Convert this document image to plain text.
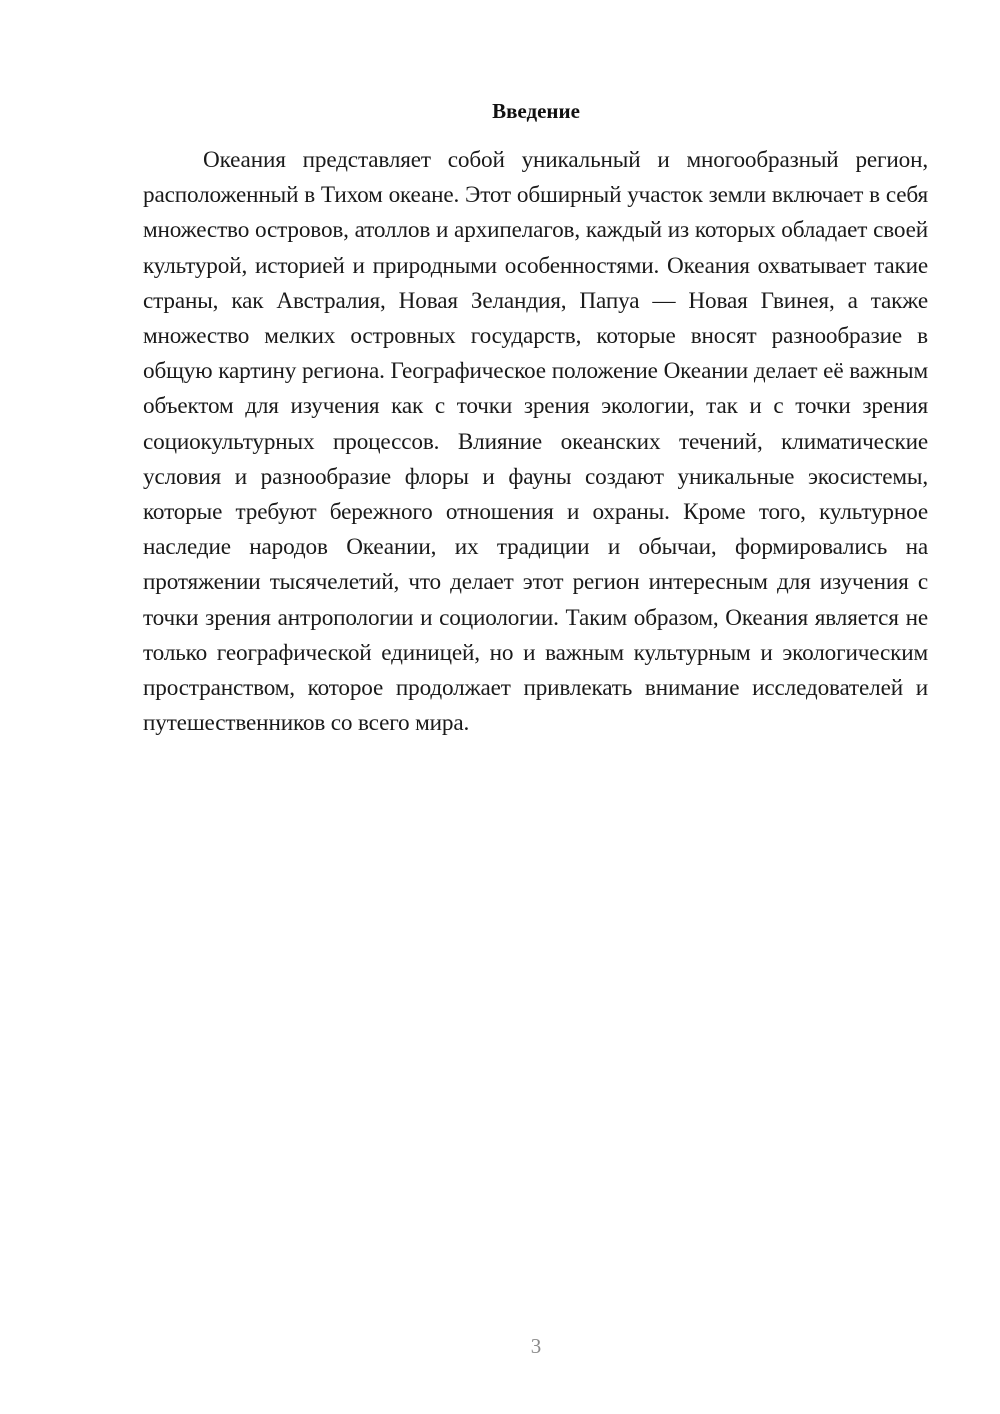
Введение

Океания представляет собой уникальный и многообразный регион, расположенный в Тихом океане. Этот обширный участок земли включает в себя множество островов, атоллов и архипелагов, каждый из которых обладает своей культурой, историей и природными особенностями. Океания охватывает такие страны, как Австралия, Новая Зеландия, Папуа — Новая Гвинея, а также множество мелких островных государств, которые вносят разнообразие в общую картину региона. Географическое положение Океании делает её важным объектом для изучения как с точки зрения экологии, так и с точки зрения социокультурных процессов. Влияние океанских течений, климатические условия и разнообразие флоры и фауны создают уникальные экосистемы, которые требуют бережного отношения и охраны. Кроме того, культурное наследие народов Океании, их традиции и обычаи, формировались на протяжении тысячелетий, что делает этот регион интересным для изучения с точки зрения антропологии и социологии. Таким образом, Океания является не только географической единицей, но и важным культурным и экологическим пространством, которое продолжает привлекать внимание исследователей и путешественников со всего мира.

3
